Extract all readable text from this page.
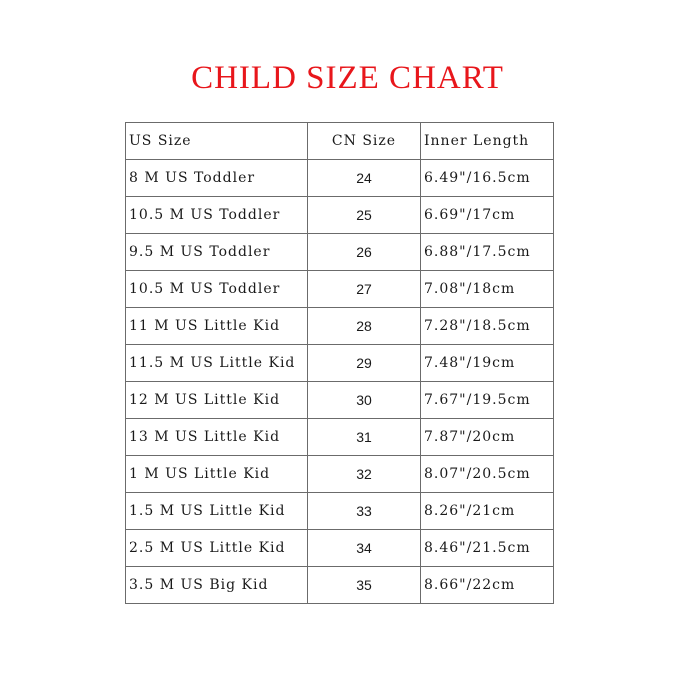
CHILD SIZE CHART
US Size	CN Size	Inner Length
8 M US Toddler	24	6.49"/16.5cm
10.5 M US Toddler	25	6.69"/17cm
9.5 M US Toddler	26	6.88"/17.5cm
10.5 M US Toddler	27	7.08"/18cm
11 M US Little Kid	28	7.28"/18.5cm
11.5 M US Little Kid	29	7.48"/19cm
12 M US Little Kid	30	7.67"/19.5cm
13 M US Little Kid	31	7.87"/20cm
1 M US Little Kid	32	8.07"/20.5cm
1.5 M US Little Kid	33	8.26"/21cm
2.5 M US Little Kid	34	8.46"/21.5cm
3.5 M US Big Kid	35	8.66"/22cm
